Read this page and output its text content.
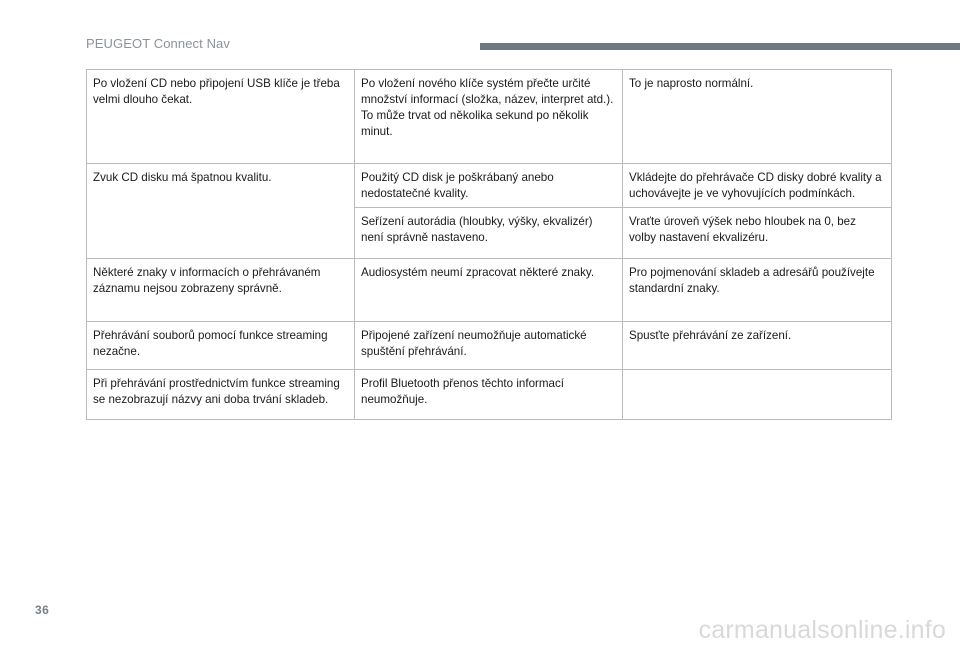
PEUGEOT Connect Nav
Po vložení CD nebo připojení USB klíče je třeba velmi dlouho čekat.	Po vložení nového klíče systém přečte určité množství informací (složka, název, interpret atd.). To může trvat od několika sekund po několik minut.	To je naprosto normální.
Zvuk CD disku má špatnou kvalitu.	Použitý CD disk je poškrábaný anebo nedostatečné kvality.	Vkládejte do přehrávače CD disky dobré kvality a uchovávejte je ve vyhovujících podmínkách.
	Seřízení autorádia (hloubky, výšky, ekvalizér) není správně nastaveno.	Vraťte úroveň výšek nebo hloubek na 0, bez volby nastavení ekvalizéru.
Některé znaky v informacích o přehrávaném záznamu nejsou zobrazeny správně.	Audiosystém neumí zpracovat některé znaky.	Pro pojmenování skladeb a adresářů používejte standardní znaky.
Přehrávání souborů pomocí funkce streaming nezačne.	Připojené zařízení neumožňuje automatické spuštění přehrávání.	Spusťte přehrávání ze zařízení.
Při přehrávání prostřednictvím funkce streaming se nezobrazují názvy ani doba trvání skladeb.	Profil Bluetooth přenos těchto informací neumožňuje.	
36
carmanualsonline.info
